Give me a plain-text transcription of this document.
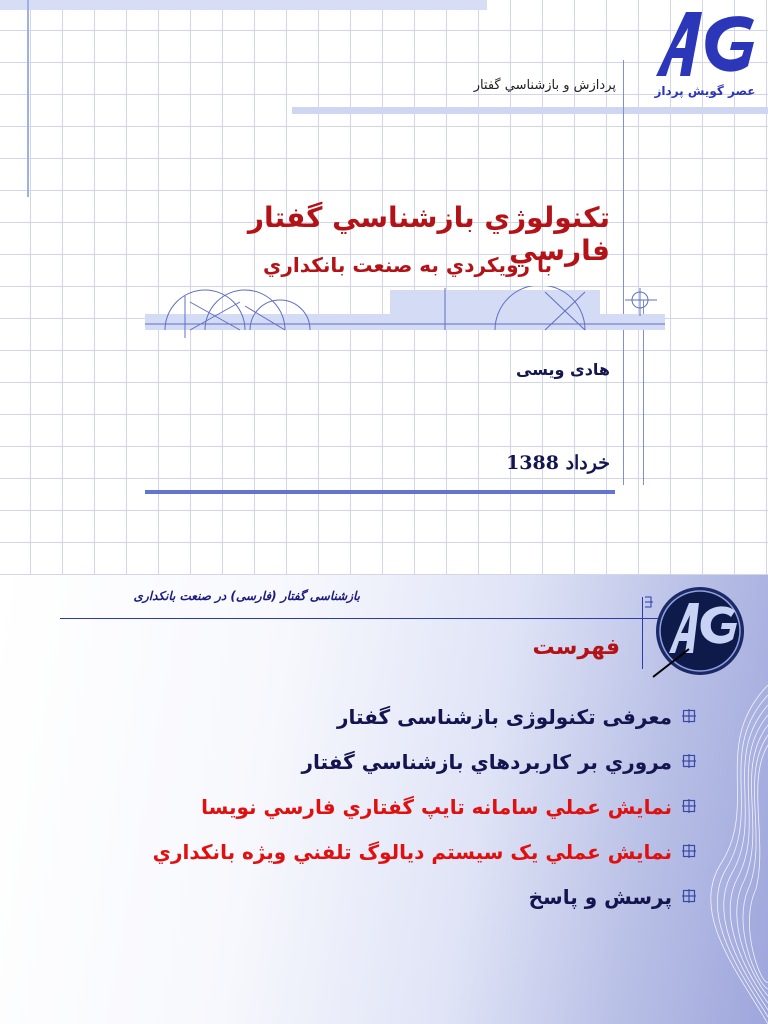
پردازش و بازشناسي گفتار	عصر گويش پرداز
تکنولوژي بازشناسي گفتار فارسي
با رويکردي به صنعت بانکداري
هادی ویسی
خرداد 1388
بازشناسی گفتار (فارسی) در صنعت بانکداری
فهرست
معرفی تکنولوژی بازشناسی گفتار
مروري بر کاربردهاي بازشناسي گفتار
نمايش عملي سامانه تايپ گفتاري فارسي نويسا
نمايش عملي يک سيستم ديالوگ تلفني ويژه بانکداري
پرسش و پاسخ
